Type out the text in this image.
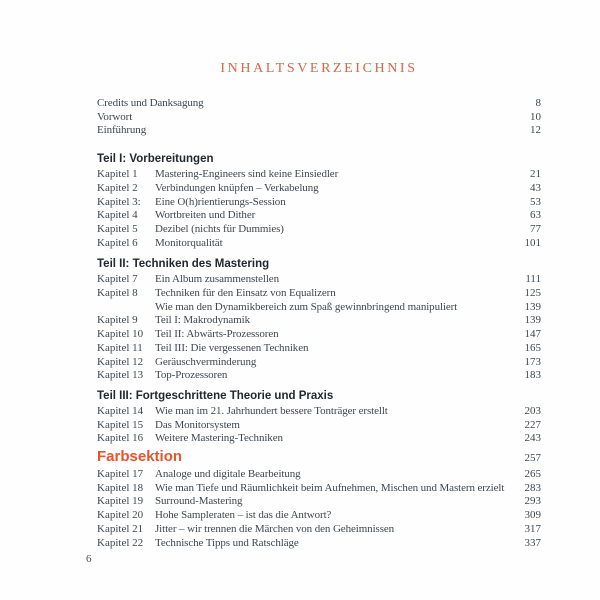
inhaltsverzeichnis
Credits und Danksagung	8
Vorwort	10
Einführung	12
Teil I: Vorbereitungen
Kapitel 1	Mastering-Engineers sind keine Einsiedler	21
Kapitel 2	Verbindungen knüpfen – Verkabelung	43
Kapitel 3:	Eine O(h)rientierungs-Session	53
Kapitel 4	Wortbreiten und Dither	63
Kapitel 5	Dezibel (nichts für Dummies)	77
Kapitel 6	Monitorqualität	101
Teil II: Techniken des Mastering
Kapitel 7	Ein Album zusammenstellen	111
Kapitel 8	Techniken für den Einsatz von Equalizern	125
Wie man den Dynamikbereich zum Spaß gewinnbringend manipuliert	139
Kapitel 9	Teil I: Makrodynamik	139
Kapitel 10	Teil II: Abwärts-Prozessoren	147
Kapitel 11	Teil III: Die vergessenen Techniken	165
Kapitel 12	Geräuschverminderung	173
Kapitel 13	Top-Prozessoren	183
Teil III: Fortgeschrittene Theorie und Praxis
Kapitel 14	Wie man im 21. Jahrhundert bessere Tonträger erstellt	203
Kapitel 15	Das Monitorsystem	227
Kapitel 16	Weitere Mastering-Techniken	243
Farbsektion	257
Kapitel 17	Analoge und digitale Bearbeitung	265
Kapitel 18	Wie man Tiefe und Räumlichkeit beim Aufnehmen, Mischen und Mastern erzielt	283
Kapitel 19	Surround-Mastering	293
Kapitel 20	Hohe Sampleraten – ist das die Antwort?	309
Kapitel 21	Jitter – wir trennen die Märchen von den Geheimnissen	317
Kapitel 22	Technische Tipps und Ratschläge	337
6
